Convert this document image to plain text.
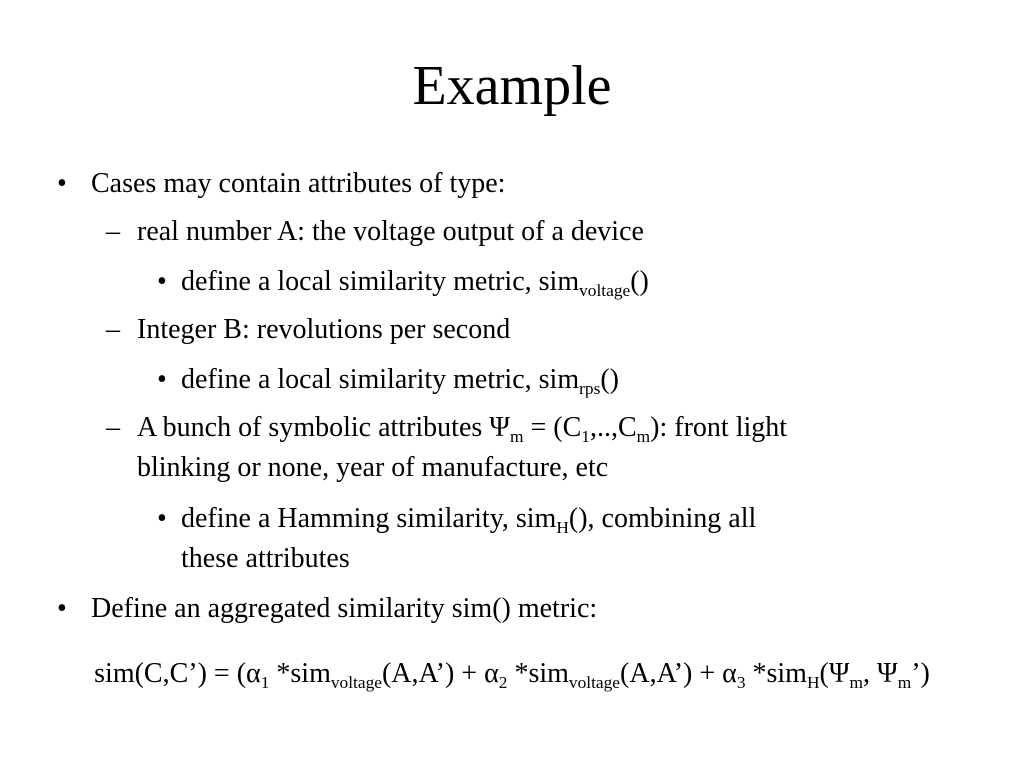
Example
• Cases may contain attributes of type:
– real number A: the voltage output of a device
• define a local similarity metric, sim$_{voltage}$()
– Integer B: revolutions per second
• define a local similarity metric, sim$_{rps}$()
– A bunch of symbolic attributes $\Psi_m = (C_1,..,C_m)$: front light
blinking or none, year of manufacture, etc
• define a Hamming similarity, sim$_H$(), combining all
these attributes
• Define an aggregated similarity sim() metric:
sim(C,C’) = ($\alpha_1$ *sim$_{voltage}$(A,A’) + $\alpha_2$ *sim$_{voltage}$(A,A’) + $\alpha_3$ $*sim_H(\Psi_m$, $\Psi_m$’)
